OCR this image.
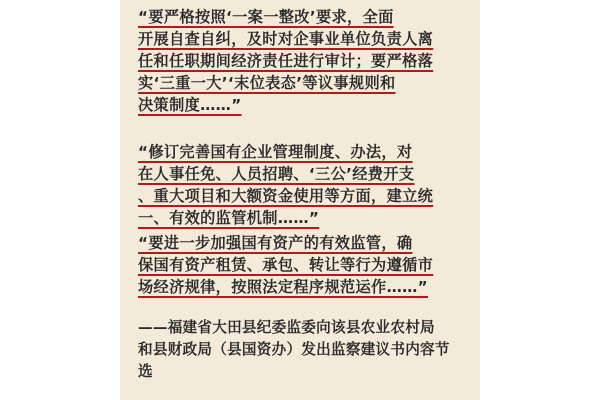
“要严格按照‘一案一整改’要求，全面
开展自查自纠，及时对企事业单位负责人离
任和任职期间经济责任进行审计；要严格落
实‘三重一大’‘末位表态’等议事规则和
决策制度……”

“修订完善国有企业管理制度、办法，对
在人事任免、人员招聘、‘三公’经费开支
、重大项目和大额资金使用等方面，建立统
一、有效的监管机制……”

“要进一步加强国有资产的有效监管，确
保国有资产租赁、承包、转让等行为遵循市
场经济规律，按照法定程序规范运作……”

——福建省大田县纪委监委向该县农业农村局
和县财政局（县国资办）发出监察建议书内容节
选
